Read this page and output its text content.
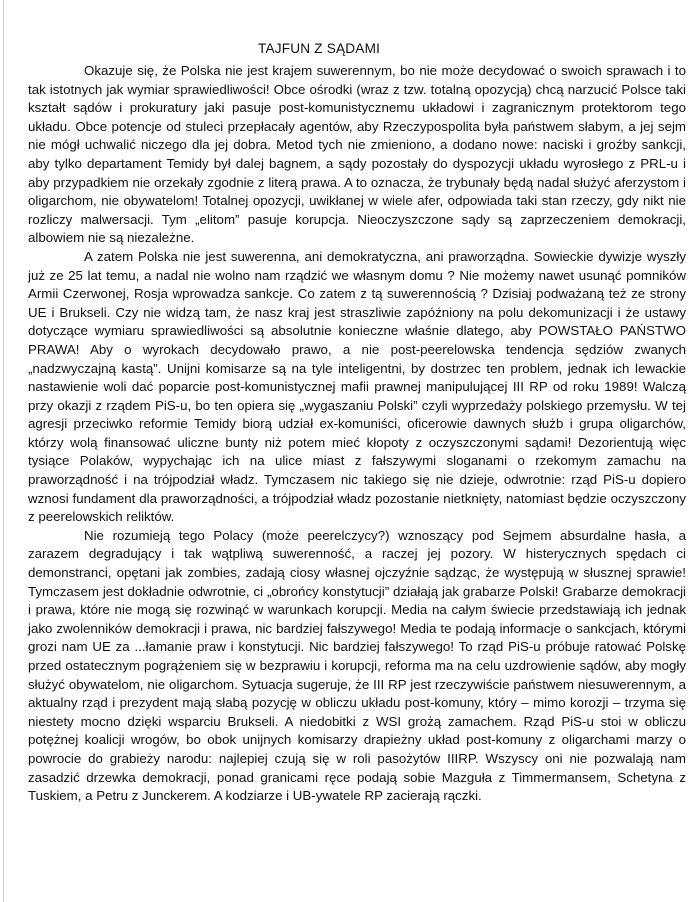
TAJFUN Z SĄDAMI

Okazuje się, że Polska nie jest krajem suwerennym, bo nie może decydować o swoich sprawach i to tak istotnych jak wymiar sprawiedliwości! Obce ośrodki (wraz z tzw. totalną opozycją) chcą narzucić Polsce taki kształt sądów i prokuratury jaki pasuje post-komunistycznemu układowi i zagranicznym protektorom tego układu. Obce potencje od stuleci przepłacały agentów, aby Rzeczypospolita była państwem słabym, a jej sejm nie mógł uchwalić niczego dla jej dobra. Metod tych nie zmieniono, a dodano nowe: naciski i groźby sankcji, aby tylko departament Temidy był dalej bagnem, a sądy pozostały do dyspozycji układu wyrosłego z PRL-u i aby przypadkiem nie orzekały zgodnie z literą prawa. A to oznacza, że trybunały będą nadal służyć aferzystom i oligarchom, nie obywatelom! Totalnej opozycji, uwikłanej w wiele afer, odpowiada taki stan rzeczy, gdy nikt nie rozliczy malwersacji. Tym „elitom” pasuje korupcja. Nieoczyszczone sądy są zaprzeczeniem demokracji, albowiem nie są niezależne.

A zatem Polska nie jest suwerenna, ani demokratyczna, ani praworządna. Sowieckie dywizje wyszły już ze 25 lat temu, a nadal nie wolno nam rządzić we własnym domu ? Nie możemy nawet usunąć pomników Armii Czerwonej, Rosja wprowadza sankcje. Co zatem z tą suwerennością ? Dzisiaj podważaną też ze strony UE i Brukseli. Czy nie widzą tam, że nasz kraj jest straszliwie zapóźniony na polu dekomunizacji i że ustawy dotyczące wymiaru sprawiedliwości są absolutnie konieczne właśnie dlatego, aby POWSTAŁO PAŃSTWO PRAWA! Aby o wyrokach decydowało prawo, a nie post-peerelowska tendencja sędziów zwanych „nadzwyczajną kastą”. Unijni komisarze są na tyle inteligentni, by dostrzec ten problem, jednak ich lewackie nastawienie woli dać poparcie post-komunistycznej mafii prawnej manipulującej III RP od roku 1989! Walczą przy okazji z rządem PiS-u, bo ten opiera się „wygaszaniu Polski” czyli wyprzedaży polskiego przemysłu. W tej agresji przeciwko reformie Temidy biorą udział ex-komuniści, oficerowie dawnych służb i grupa oligarchów, którzy wolą finansować uliczne bunty niż potem mieć kłopoty z oczyszczonymi sądami! Dezorientują więc tysiące Polaków, wypychając ich na ulice miast z fałszywymi sloganami o rzekomym zamachu na praworządność i na trójpodział władz. Tymczasem nic takiego się nie dzieje, odwrotnie: rząd PiS-u dopiero wznosi fundament dla praworządności, a trójpodział władz pozostanie nietknięty, natomiast będzie oczyszczony z peerelowskich reliktów.

Nie rozumieją tego Polacy (może peerelczycy?) wznoszący pod Sejmem absurdalne hasła, a zarazem degradujący i tak wątpliwą suwerenność, a raczej jej pozory. W histerycznych spędach ci demonstranci, opętani jak zombies, zadają ciosy własnej ojczyźnie sądząc, że występują w słusznej sprawie! Tymczasem jest dokładnie odwrotnie, ci „obrońcy konstytucji” działają jak grabarze Polski! Grabarze demokracji i prawa, które nie mogą się rozwinąć w warunkach korupcji. Media na całym świecie przedstawiają ich jednak jako zwolenników demokracji i prawa, nic bardziej fałszywego! Media te podają informacje o sankcjach, którymi grozi nam UE za ...łamanie praw i konstytucji. Nic bardziej fałszywego! To rząd PiS-u próbuje ratować Polskę przed ostatecznym pogrążeniem się w bezprawiu i korupcji, reforma ma na celu uzdrowienie sądów, aby mogły służyć obywatelom, nie oligarchom. Sytuacja sugeruje, że III RP jest rzeczywiście państwem niesuwerennym, a aktualny rząd i prezydent mają słabą pozycję w obliczu układu post-komuny, który – mimo korozji – trzyma się niestety mocno dzięki wsparciu Brukseli. A niedobitki z WSI grożą zamachem. Rząd PiS-u stoi w obliczu potężnej koalicji wrogów, bo obok unijnych komisarzy drapieżny układ post-komuny z oligarchami marzy o powrocie do grabieży narodu: najlepiej czują się w roli pasożytów IIIRP. Wszyscy oni nie pozwalają nam zasadzić drzewka demokracji, ponad granicami ręce podają sobie Mazguła z Timmermansem, Schetyna z Tuskiem, a Petru z Junckerem. A kodziarze i UB-ywatele RP zacierają rączki.
